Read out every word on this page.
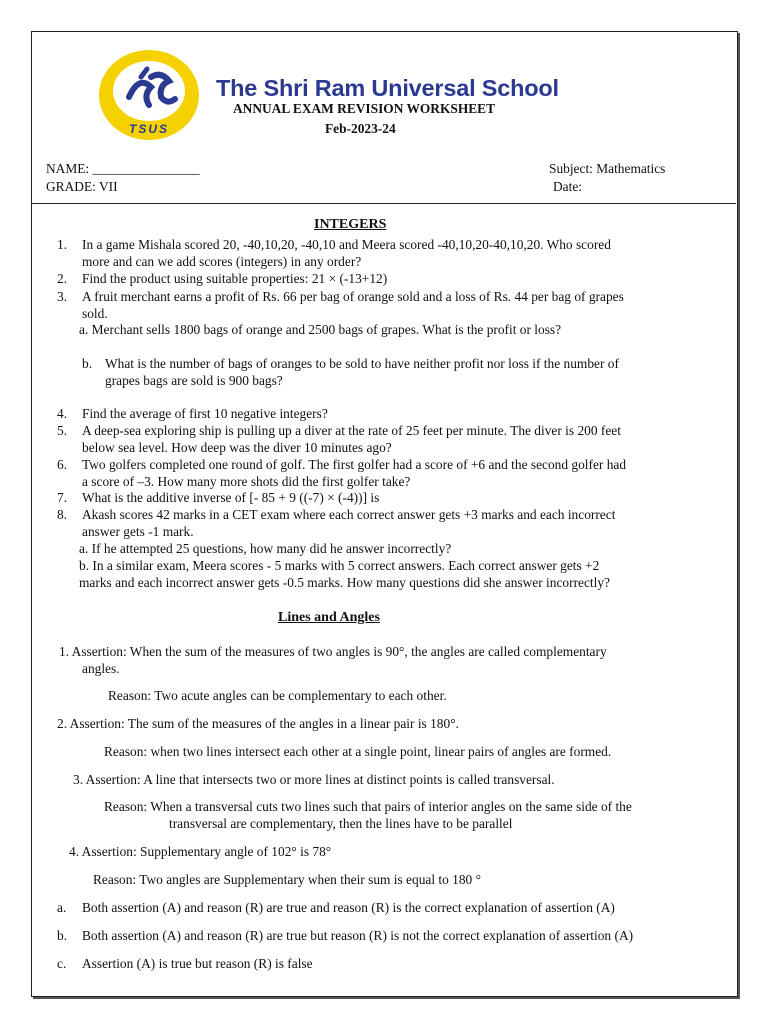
TSUS
The Shri Ram Universal School
ANNUAL EXAM REVISION WORKSHEET
Feb-2023-24
NAME: ________________	Subject: Mathematics
GRADE: VII	Date:
INTEGERS
1. In a game Mishala scored 20, -40,10,20, -40,10 and Meera scored -40,10,20-40,10,20. Who scored
more and can we add scores (integers) in any order?
2. Find the product using suitable properties: 21 × (-13+12)
3. A fruit merchant earns a profit of Rs. 66 per bag of orange sold and a loss of Rs. 44 per bag of grapes
sold.
a. Merchant sells 1800 bags of orange and 2500 bags of grapes. What is the profit or loss?
b. What is the number of bags of oranges to be sold to have neither profit nor loss if the number of
grapes bags are sold is 900 bags?
4. Find the average of first 10 negative integers?
5. A deep-sea exploring ship is pulling up a diver at the rate of 25 feet per minute. The diver is 200 feet
below sea level. How deep was the diver 10 minutes ago?
6. Two golfers completed one round of golf. The first golfer had a score of +6 and the second golfer had
a score of –3. How many more shots did the first golfer take?
7. What is the additive inverse of [- 85 + 9 ((-7) × (-4))] is
8. Akash scores 42 marks in a CET exam where each correct answer gets +3 marks and each incorrect
answer gets -1 mark.
a. If he attempted 25 questions, how many did he answer incorrectly?
b. In a similar exam, Meera scores - 5 marks with 5 correct answers. Each correct answer gets +2
marks and each incorrect answer gets -0.5 marks. How many questions did she answer incorrectly?
Lines and Angles
1. Assertion: When the sum of the measures of two angles is 90°, the angles are called complementary
angles.
Reason: Two acute angles can be complementary to each other.
2. Assertion: The sum of the measures of the angles in a linear pair is 180°.
Reason: when two lines intersect each other at a single point, linear pairs of angles are formed.
3. Assertion: A line that intersects two or more lines at distinct points is called transversal.
Reason: When a transversal cuts two lines such that pairs of interior angles on the same side of the
transversal are complementary, then the lines have to be parallel
4. Assertion: Supplementary angle of 102° is 78°
Reason: Two angles are Supplementary when their sum is equal to 180 °
a. Both assertion (A) and reason (R) are true and reason (R) is the correct explanation of assertion (A)
b. Both assertion (A) and reason (R) are true but reason (R) is not the correct explanation of assertion (A)
c. Assertion (A) is true but reason (R) is false
